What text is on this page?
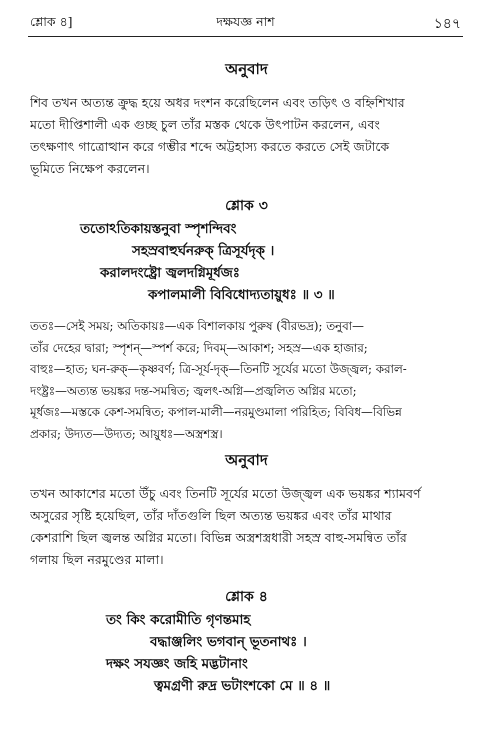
শ্লোক ৪]	দক্ষযজ্ঞ নাশ	১৪৭
অনুবাদ
শিব তখন অত্যন্ত ক্রুদ্ধ হয়ে অধর দংশন করেছিলেন এবং তড়িৎ ও বহ্নিশিখার
মতো দীপ্তিশালী এক গুচ্ছ চুল তাঁর মস্তক থেকে উৎপাটন করলেন, এবং
তৎক্ষণাৎ গাত্রোত্থান করে গম্ভীর শব্দে অট্টহাস্য করতে করতে সেই জটাকে
ভূমিতে নিক্ষেপ করলেন।
শ্লোক ৩
ততোঽতিকায়স্তনুবা স্পৃশন্দিবং
সহস্রবাহুর্ঘনরুক্ ত্রিসূর্যদৃক্ ।
করালদংষ্ট্রো জ্বলদগ্নিমূর্ধজঃ
কপালমালী বিবিধোদ্যতায়ুধঃ ॥ ৩ ॥
ততঃ—সেই সময়; অতিকায়ঃ—এক বিশালকায় পুরুষ (বীরভদ্র); তনুবা—
তাঁর দেহের দ্বারা; স্পৃশন্—স্পর্শ করে; দিবম্—আকাশ; সহস্র—এক হাজার;
বাহুঃ—হাত; ঘন-রুক্—কৃষ্ণবর্ণ; ত্রি-সূর্য-দৃক্—তিনটি সূর্যের মতো উজ্জ্বল; করাল-
দংষ্ট্রঃ—অত্যন্ত ভয়ঙ্কর দন্ত-সমন্বিত; জ্বলৎ-অগ্নি—প্রজ্বলিত অগ্নির মতো;
মূর্ধজঃ—মস্তকে কেশ-সমন্বিত; কপাল-মালী—নরমুণ্ডমালা পরিহিত; বিবিধ—বিভিন্ন
প্রকার; উদ্যত—উদ্যত; আয়ুধঃ—অস্ত্রশস্ত্র।
অনুবাদ
তখন আকাশের মতো উঁচু এবং তিনটি সূর্যের মতো উজ্জ্বল এক ভয়ঙ্কর শ্যামবর্ণ
অসুরের সৃষ্টি হয়েছিল, তাঁর দাঁতগুলি ছিল অত্যন্ত ভয়ঙ্কর এবং তাঁর মাথার
কেশরাশি ছিল জ্বলন্ত অগ্নির মতো। বিভিন্ন অস্ত্রশস্ত্রধারী সহস্র বাহু-সমন্বিত তাঁর
গলায় ছিল নরমুণ্ডের মালা।
শ্লোক ৪
তং কিং করোমীতি গৃণন্তমাহ
বদ্ধাঞ্জলিং ভগবান্ ভূতনাথঃ ।
দক্ষং সযজ্ঞং জহি মদ্ভটানাং
ত্বমগ্রণী রুদ্র ভটাংশকো মে ॥ ৪ ॥
